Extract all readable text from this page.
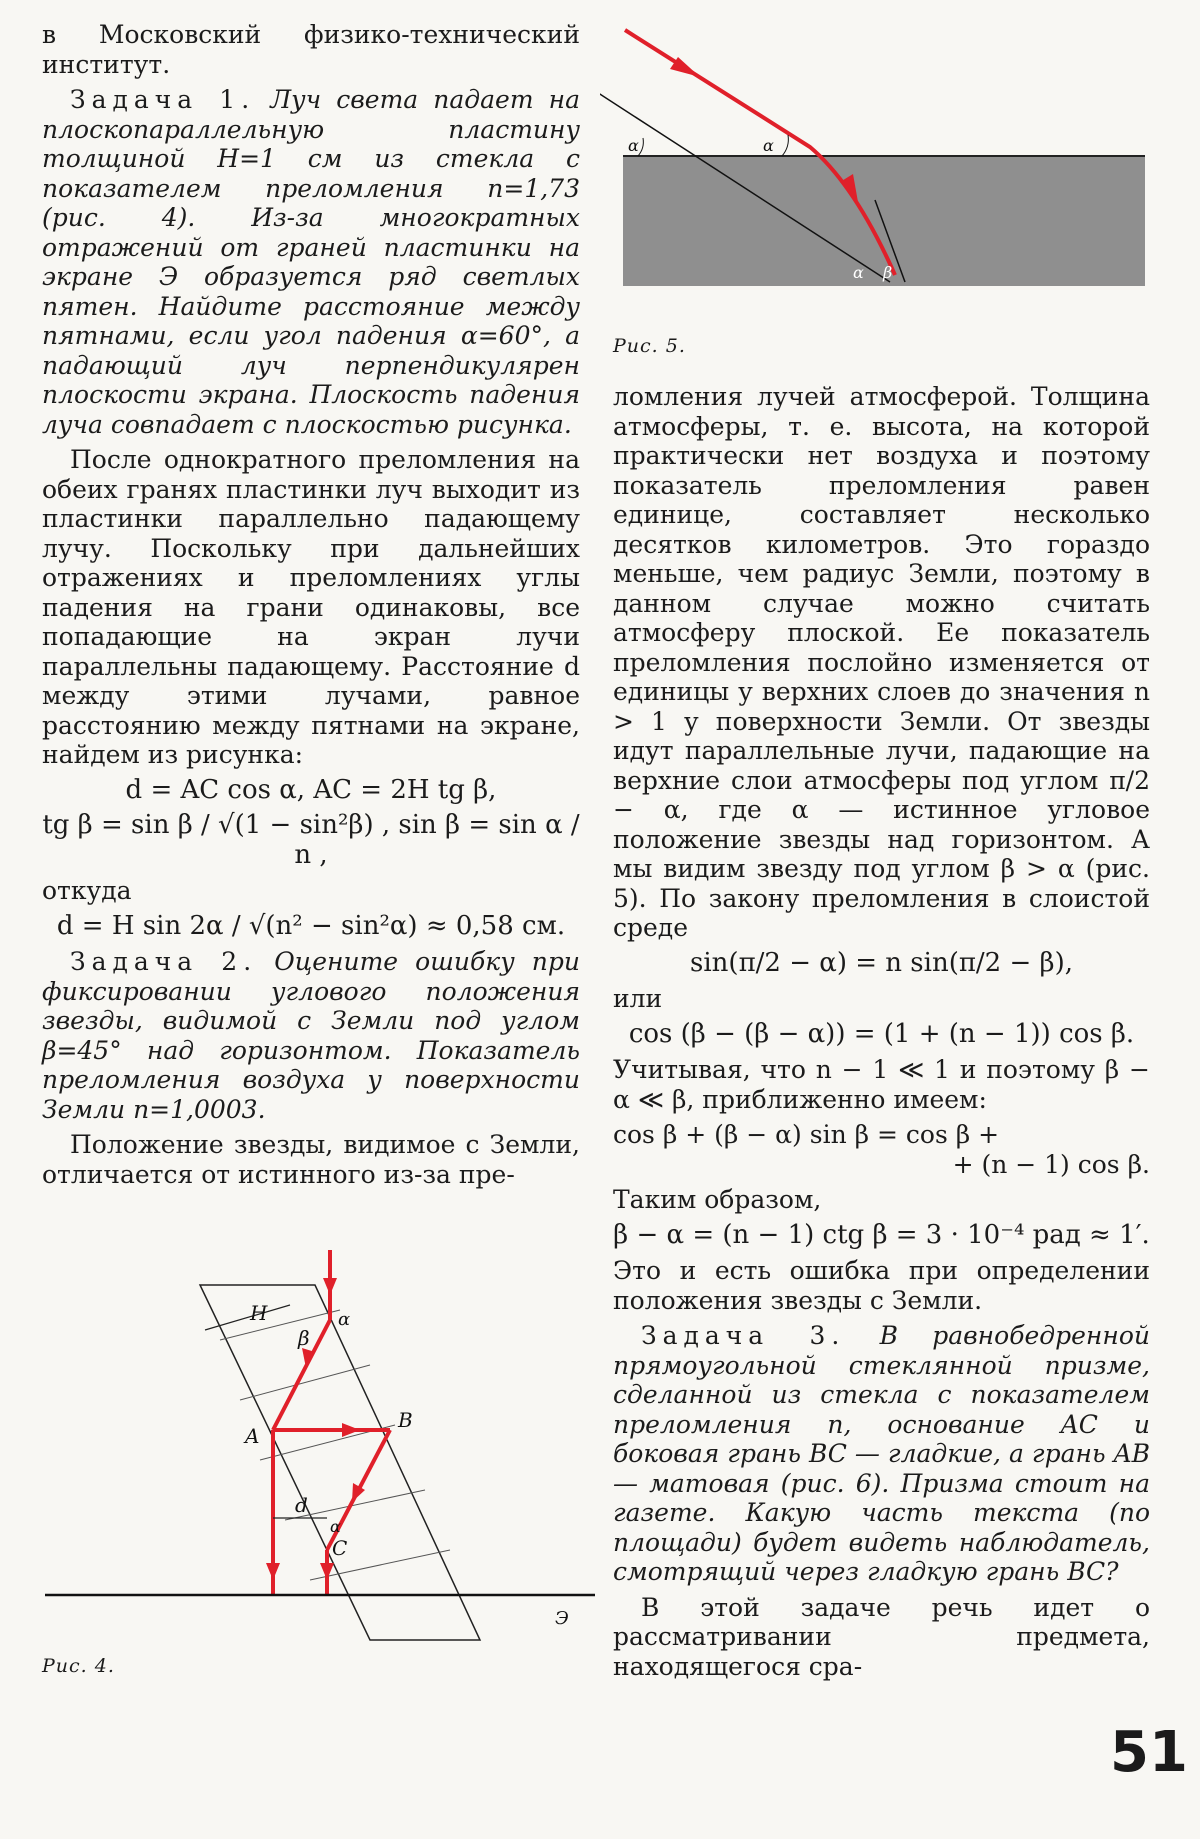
в Московский физико-технический институт.

Задача 1. Луч света падает на плоскопараллельную пластину толщиной H=1 см из стекла с показателем преломления n=1,73 (рис. 4). Из-за многократных отражений от граней пластинки на экране Э образуется ряд светлых пятен. Найдите расстояние между пятнами, если угол падения α=60°, а падающий луч перпендикулярен плоскости экрана. Плоскость падения луча совпадает с плоскостью рисунка.

После однократного преломления на обеих гранях пластинки луч выходит из пластинки параллельно падающему лучу. Поскольку при дальнейших отражениях и преломлениях углы падения на грани одинаковы, все попадающие на экран лучи параллельны падающему. Расстояние d между этими лучами, равное расстоянию между пятнами на экране, найдем из рисунка:

d = AC cos α, AC = 2H tg β,
tg β = sin β / √(1 − sin²β) , sin β = sin α / n ,

откуда

d = H sin 2α / √(n² − sin²α) ≈ 0,58 см.

Задача 2. Оцените ошибку при фиксировании углового положения звезды, видимой с Земли под углом β=45° над горизонтом. Показатель преломления воздуха у поверхности Земли n=1,0003.

Положение звезды, видимое с Земли, отличается от истинного из-за пре-

α	α
α β
Рис. 5.

ломления лучей атмосферой. Толщина атмосферы, т. е. высота, на которой практически нет воздуха и поэтому показатель преломления равен единице, составляет несколько десятков километров. Это гораздо меньше, чем радиус Земли, поэтому в данном случае можно считать атмосферу плоской. Ее показатель преломления послойно изменяется от единицы у верхних слоев до значения n > 1 у поверхности Земли. От звезды идут параллельные лучи, падающие на верхние слои атмосферы под углом π/2 − α, где α — истинное угловое положение звезды над горизонтом. А мы видим звезду под углом β > α (рис. 5). По закону преломления в слоистой среде

sin(π/2 − α) = n sin(π/2 − β),

или

cos (β − (β − α)) = (1 + (n − 1)) cos β.

Учитывая, что n − 1 ≪ 1 и поэтому β − α ≪ β, приближенно имеем:

cos β + (β − α) sin β = cos β +
+ (n − 1) cos β.

Таким образом,

β − α = (n − 1) ctg β = 3 · 10⁻⁴ рад ≈ 1′.

Это и есть ошибка при определении положения звезды с Земли.

Задача 3. В равнобедренной прямоугольной стеклянной призме, сделанной из стекла с показателем преломления n, основание AC и боковая грань BC — гладкие, а грань AB — матовая (рис. 6). Призма стоит на газете. Какую часть текста (по площади) будет видеть наблюдатель, смотрящий через гладкую грань BC?

В этой задаче речь идет о рассматривании предмета, находящегося сра-

H
β
α
A
B
C
d
α
Э
Рис. 4.
51
